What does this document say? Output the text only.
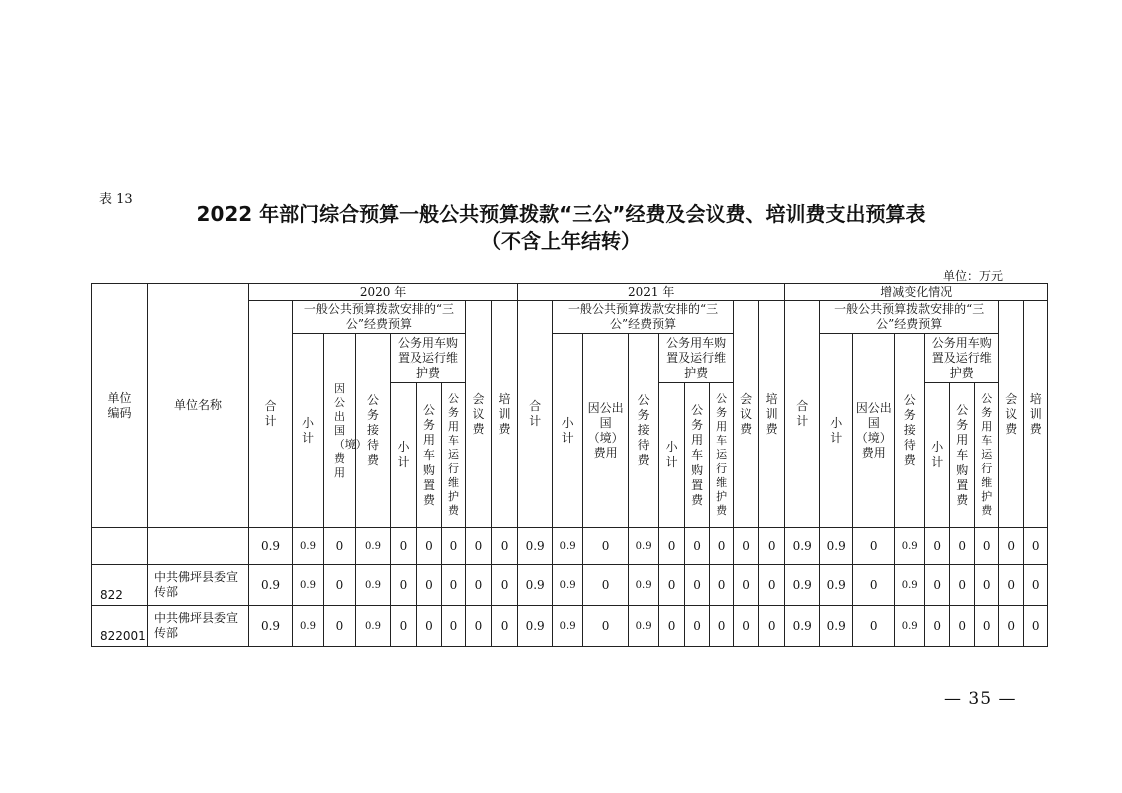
表 13
2022 年部门综合预算一般公共预算拨款“三公”经费及会议费、培训费支出预算表
（不含上年结转）
单位：万元
单位编码	单位名称	2020 年									2021 年									增减变化情况								
		合计	一般公共预算拨款安排的“三公”经费预算						会议费	培训费	合计	一般公共预算拨款安排的“三公”经费预算						会议费	培训费	合计	一般公共预算拨款安排的“三公”经费预算						会议费	培训费
			小计	因公出国（境）费用	公务接待费	公务用车购置及运行维护费						小计	因公出国（境）费用	公务接待费	公务用车购置及运行维护费						小计	因公出国（境）费用	公务接待费	公务用车购置及运行维护费				
						小计	公务用车购置费	公务用车运行维护费							小计	公务用车购置费	公务用车运行维护费							小计	公务用车购置费	公务用车运行维护费		
		0.9	0.9	0	0.9	0	0	0	0	0	0.9	0.9	0	0.9	0	0	0	0	0	0.9	0.9	0	0.9	0	0	0	0	0
822	中共佛坪县委宣传部	0.9	0.9	0	0.9	0	0	0	0	0	0.9	0.9	0	0.9	0	0	0	0	0	0.9	0.9	0	0.9	0	0	0	0	0
822001	中共佛坪县委宣传部	0.9	0.9	0	0.9	0	0	0	0	0	0.9	0.9	0	0.9	0	0	0	0	0	0.9	0.9	0	0.9	0	0	0	0	0
— 35 —
